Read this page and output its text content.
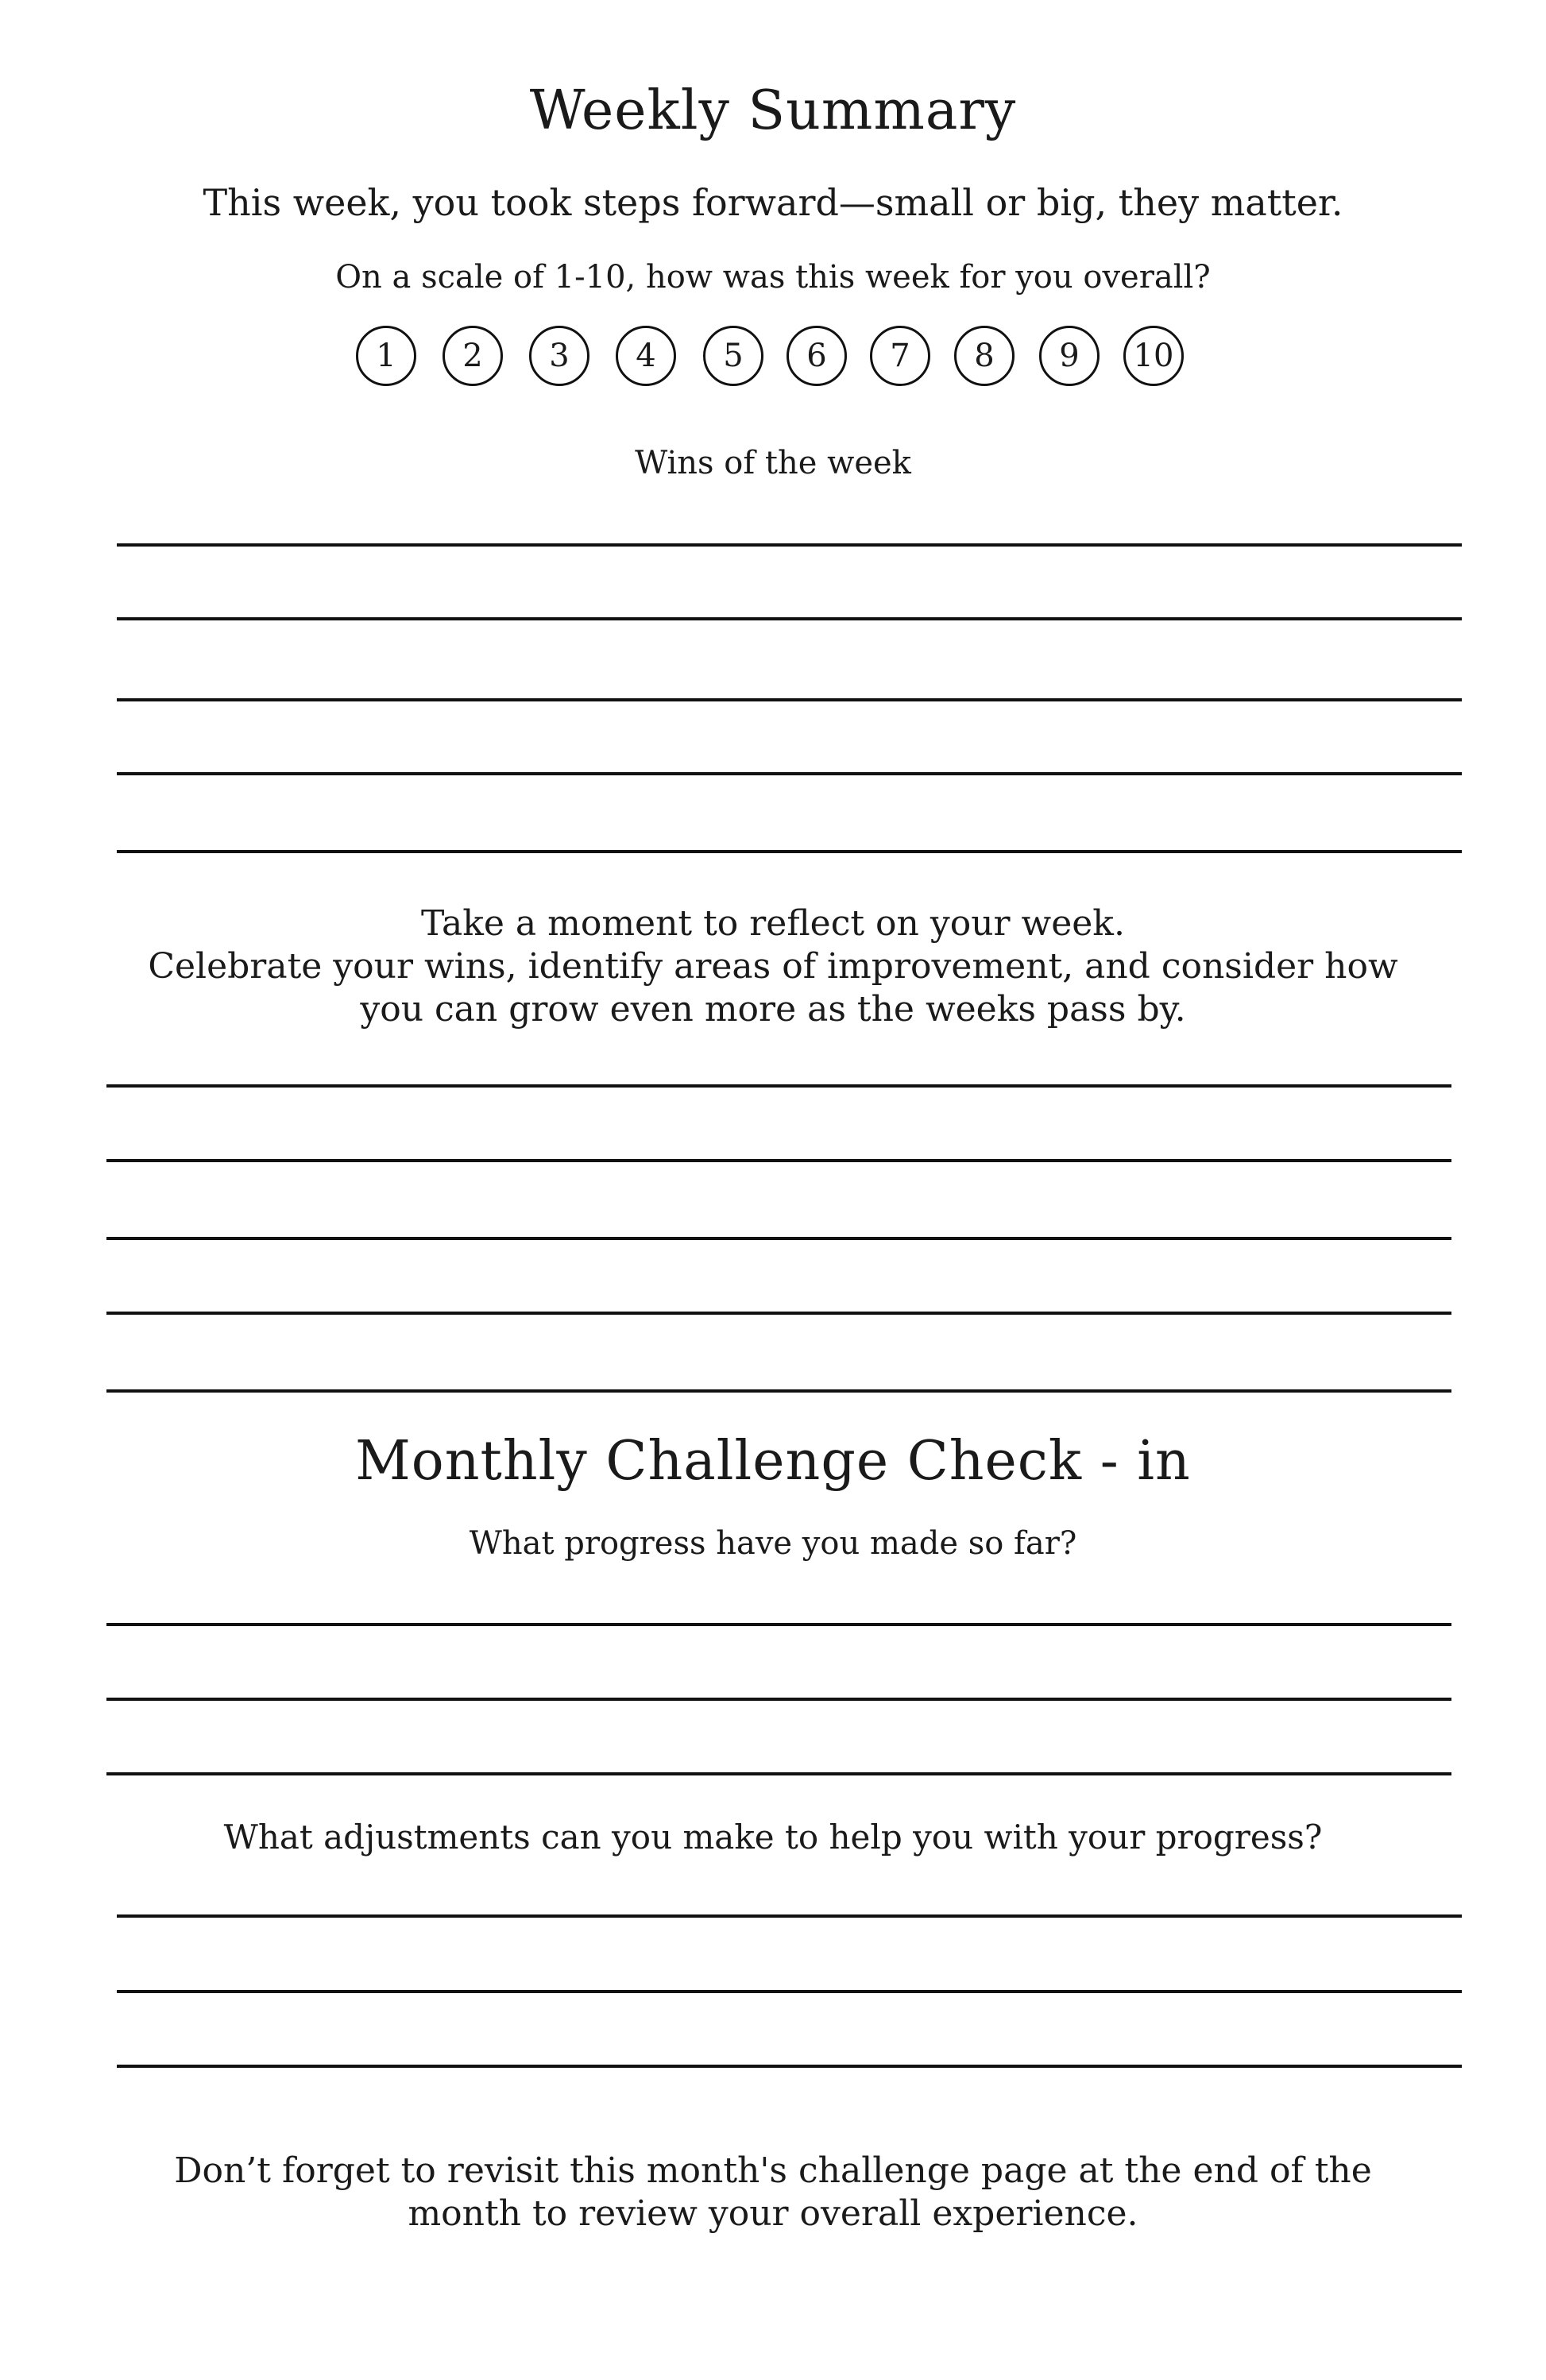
Weekly Summary
This week, you took steps forward—small or big, they matter.
On a scale of 1-10, how was this week for you overall?
1	2	3	4	5	6	7	8	9	10
Wins of the week
Take a moment to reflect on your week.
Celebrate your wins, identify areas of improvement, and consider how you can grow even more as the weeks pass by.
Monthly Challenge Check - in
What progress have you made so far?
What adjustments can you make to help you with your progress?
Don’t forget to revisit this month's challenge page at the end of the month to review your overall experience.
